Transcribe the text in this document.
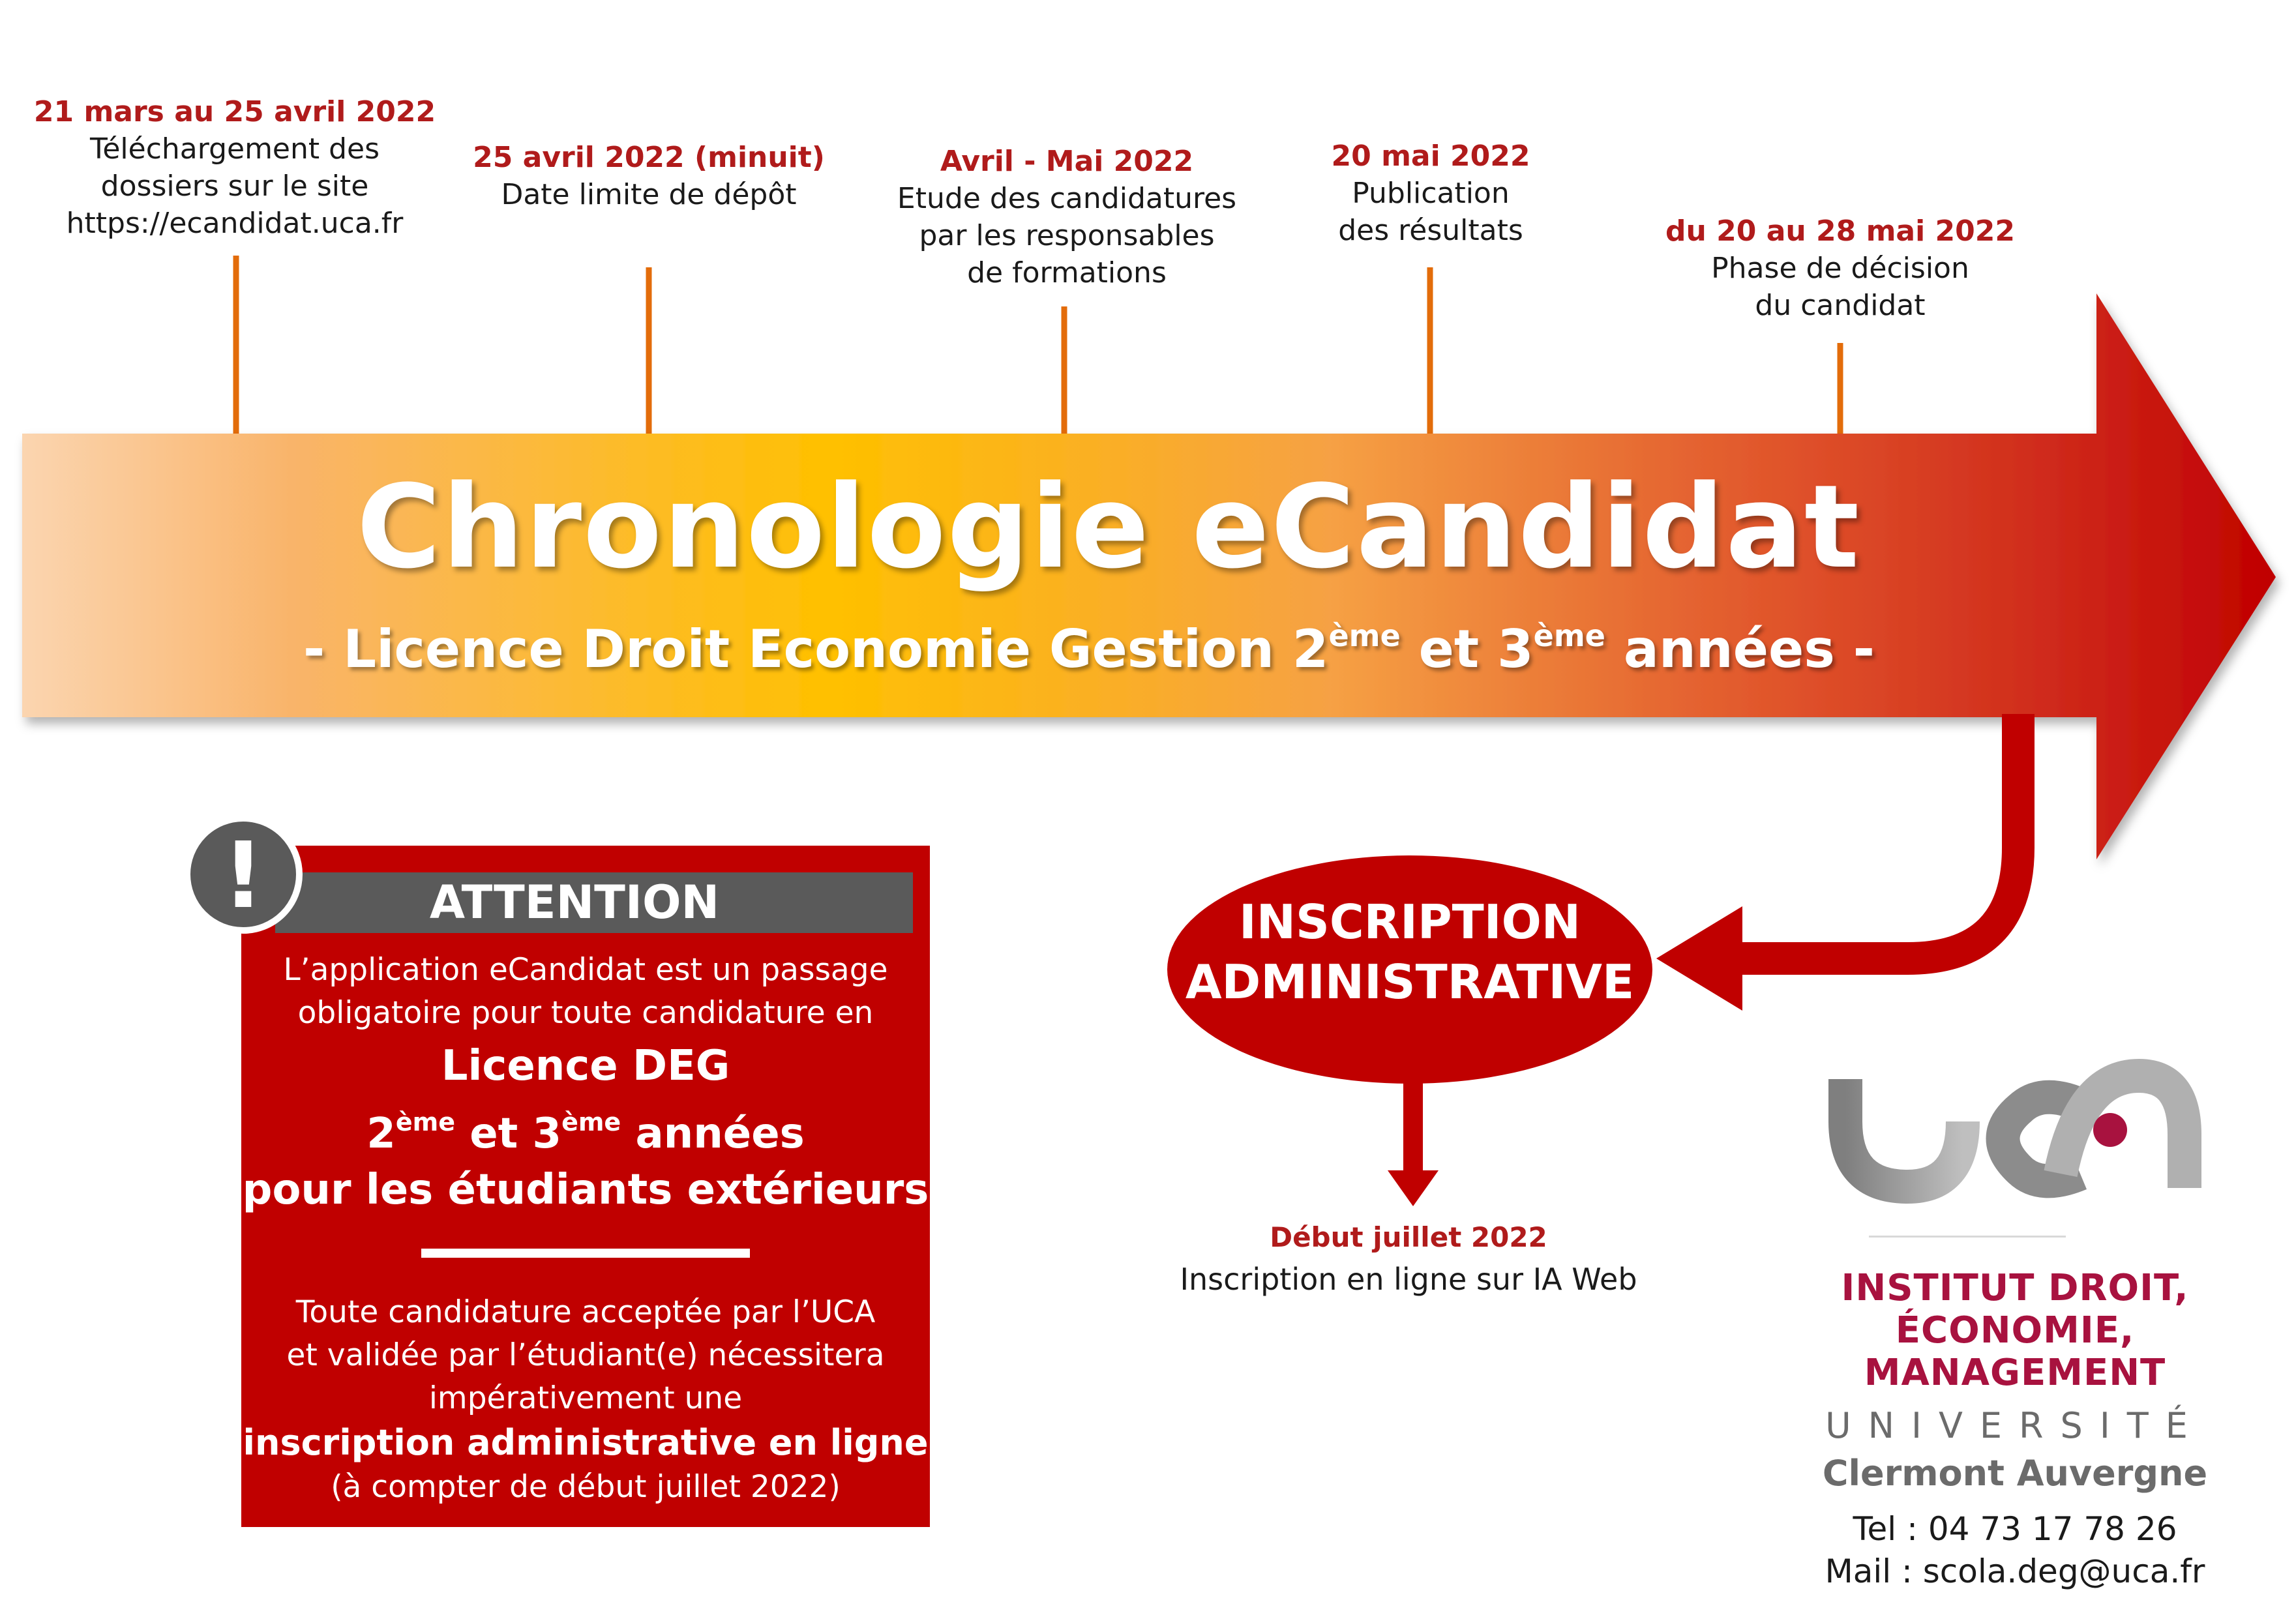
21 mars au 25 avril 2022
Téléchargement des
dossiers sur le site
https://ecandidat.uca.fr
25 avril 2022 (minuit)
Date limite de dépôt
Avril - Mai 2022
Etude des candidatures
par les responsables
de formations
20 mai 2022
Publication
des résultats	du 20 au 28 mai 2022
Phase de décision
du candidat
Chronologie eCandidat
- Licence Droit Economie Gestion 2ème et 3ème années -
ATTENTION
!
L’application eCandidat est un passage
obligatoire pour toute candidature en
Licence DEG
2ème et 3ème années
pour les étudiants extérieurs
Toute candidature acceptée par l’UCA
et validée par l’étudiant(e) nécessitera
impérativement une
inscription administrative en ligne
(à compter de début juillet 2022)
INSCRIPTION
ADMINISTRATIVE
Début juillet 2022
Inscription en ligne sur IA Web	INSTITUT DROIT,
ÉCONOMIE,
MANAGEMENT
UNIVERSITÉ
Clermont Auvergne
Tel : 04 73 17 78 26
Mail : scola.deg@uca.fr
